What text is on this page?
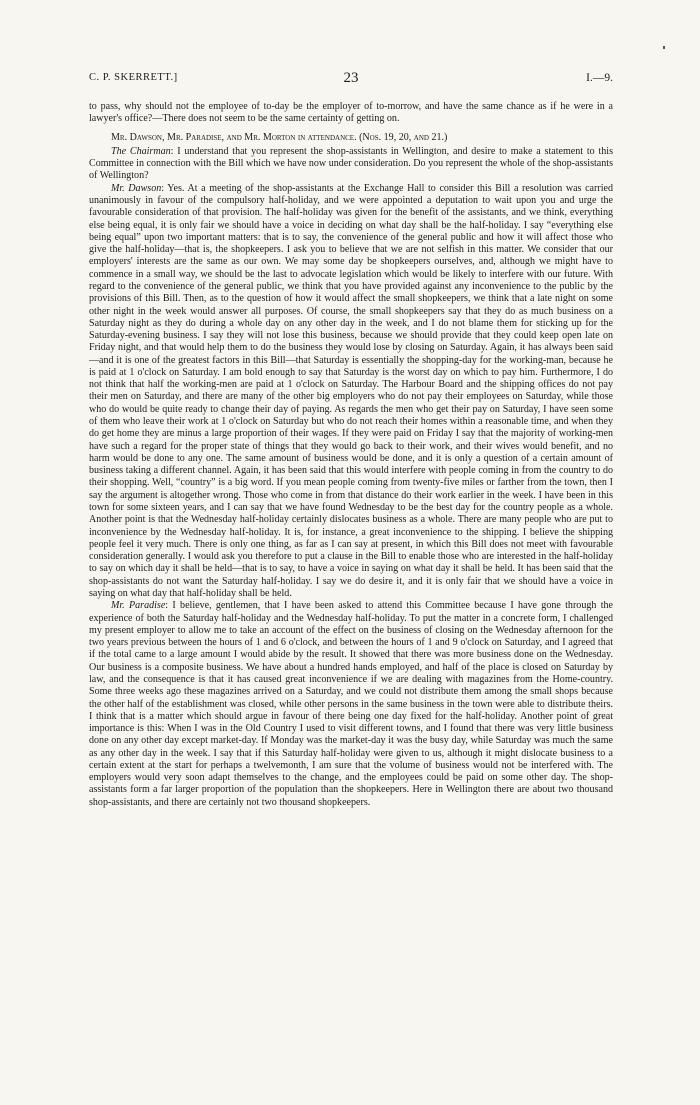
C. P. SKERRETT.]	23	I.—9.

to pass, why should not the employee of to-day be the employer of to-morrow, and have the same chance as if he were in a lawyer's office?—There does not seem to be the same certainty of getting on.

Mr. Dawson, Mr. Paradise, and Mr. Morton in attendance. (Nos. 19, 20, and 21.)

The Chairman: I understand that you represent the shop-assistants in Wellington, and desire to make a statement to this Committee in connection with the Bill which we have now under consideration. Do you represent the whole of the shop-assistants of Wellington?

Mr. Dawson: Yes. At a meeting of the shop-assistants at the Exchange Hall to consider this Bill a resolution was carried unanimously in favour of the compulsory half-holiday, and we were appointed a deputation to wait upon you and urge the favourable consideration of that provision. The half-holiday was given for the benefit of the assistants, and we think, everything else being equal, it is only fair we should have a voice in deciding on what day shall be the half-holiday. I say “everything else being equal” upon two important matters: that is to say, the convenience of the general public and how it will affect those who give the half-holiday—that is, the shopkeepers. I ask you to believe that we are not selfish in this matter. We consider that our employers' interests are the same as our own. We may some day be shopkeepers ourselves, and, although we might have to commence in a small way, we should be the last to advocate legislation which would be likely to interfere with our future. With regard to the convenience of the general public, we think that you have provided against any inconvenience to the public by the provisions of this Bill. Then, as to the question of how it would affect the small shopkeepers, we think that a late night on some other night in the week would answer all purposes. Of course, the small shopkeepers say that they do as much business on a Saturday night as they do during a whole day on any other day in the week, and I do not blame them for sticking up for the Saturday-evening business. I say they will not lose this business, because we should provide that they could keep open late on Friday night, and that would help them to do the business they would lose by closing on Saturday. Again, it has always been said—and it is one of the greatest factors in this Bill—that Saturday is essentially the shopping-day for the working-man, because he is paid at 1 o'clock on Saturday. I am bold enough to say that Saturday is the worst day on which to pay him. Furthermore, I do not think that half the working-men are paid at 1 o'clock on Saturday. The Harbour Board and the shipping offices do not pay their men on Saturday, and there are many of the other big employers who do not pay their employees on Saturday, while those who do would be quite ready to change their day of paying. As regards the men who get their pay on Saturday, I have seen some of them who leave their work at 1 o'clock on Saturday but who do not reach their homes within a reasonable time, and when they do get home they are minus a large proportion of their wages. If they were paid on Friday I say that the majority of working-men have such a regard for the proper state of things that they would go back to their work, and their wives would benefit, and no harm would be done to any one. The same amount of business would be done, and it is only a question of a certain amount of business taking a different channel. Again, it has been said that this would interfere with people coming in from the country to do their shopping. Well, “country” is a big word. If you mean people coming from twenty-five miles or farther from the town, then I say the argument is altogether wrong. Those who come in from that distance do their work earlier in the week. I have been in this town for some sixteen years, and I can say that we have found Wednesday to be the best day for the country people as a whole. Another point is that the Wednesday half-holiday certainly dislocates business as a whole. There are many people who are put to inconvenience by the Wednesday half-holiday. It is, for instance, a great inconvenience to the shipping. I believe the shipping people feel it very much. There is only one thing, as far as I can say at present, in which this Bill does not meet with favourable consideration generally. I would ask you therefore to put a clause in the Bill to enable those who are interested in the half-holiday to say on which day it shall be held—that is to say, to have a voice in saying on what day it shall be held. It has been said that the shop-assistants do not want the Saturday half-holiday. I say we do desire it, and it is only fair that we should have a voice in saying on what day that half-holiday shall be held.

Mr. Paradise: I believe, gentlemen, that I have been asked to attend this Committee because I have gone through the experience of both the Saturday half-holiday and the Wednesday half-holiday. To put the matter in a concrete form, I challenged my present employer to allow me to take an account of the effect on the business of closing on the Wednesday afternoon for the two years previous between the hours of 1 and 6 o'clock, and between the hours of 1 and 9 o'clock on Saturday, and I agreed that if the total came to a large amount I would abide by the result. It showed that there was more business done on the Wednesday. Our business is a composite business. We have about a hundred hands employed, and half of the place is closed on Saturday by law, and the consequence is that it has caused great inconvenience if we are dealing with magazines from the Home-country. Some three weeks ago these magazines arrived on a Saturday, and we could not distribute them among the small shops because the other half of the establishment was closed, while other persons in the same business in the town were able to distribute theirs. I think that is a matter which should argue in favour of there being one day fixed for the half-holiday. Another point of great importance is this: When I was in the Old Country I used to visit different towns, and I found that there was very little business done on any other day except market-day. If Monday was the market-day it was the busy day, while Saturday was much the same as any other day in the week. I say that if this Saturday half-holiday were given to us, although it might dislocate business to a certain extent at the start for perhaps a twelvemonth, I am sure that the volume of business would not be interfered with. The employers would very soon adapt themselves to the change, and the employees could be paid on some other day. The shop-assistants form a far larger proportion of the population than the shopkeepers. Here in Wellington there are about two thousand shop-assistants, and there are certainly not two thousand shopkeepers.
